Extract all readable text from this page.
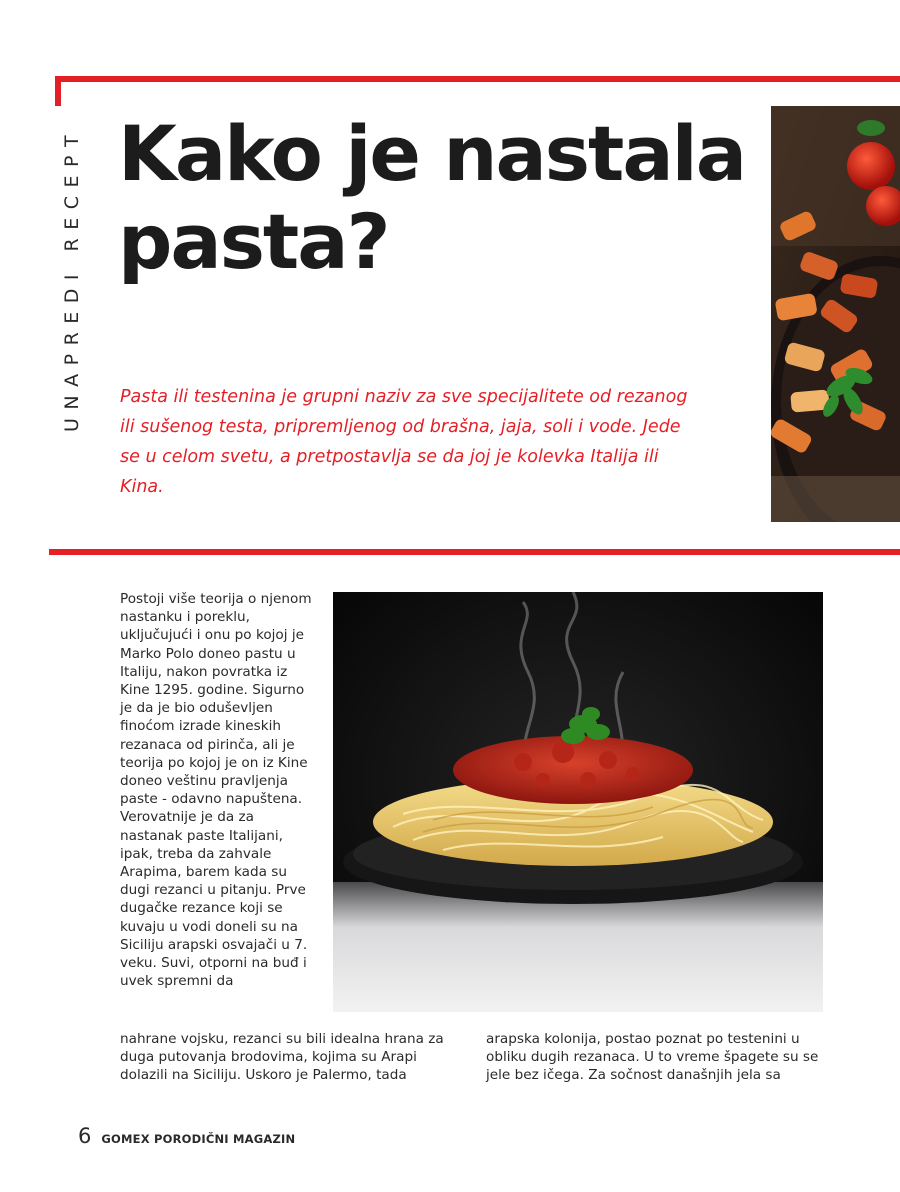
UNAPREDI RECEPT Kako je nastala pasta?

Pasta ili testenina je grupni naziv za sve specijalitete od rezanog ili sušenog testa, pripremljenog od brašna, jaja, soli i vode. Jede se u celom svetu, a pretpostavlja se da joj je kolevka Italija ili Kina.

Postoji više teorija o njenom nastanku i poreklu, uključujući i onu po kojoj je Marko Polo doneo pastu u Italiju, nakon povratka iz Kine 1295. godine. Sigurno je da je bio oduševljen finoćom izrade kineskih rezanaca od pirinča, ali je teorija po kojoj je on iz Kine doneo veštinu pravljenja paste - odavno napuštena. Verovatnije je da za nastanak paste Italijani, ipak, treba da zahvale Arapima, barem kada su dugi rezanci u pitanju. Prve dugačke rezance koji se kuvaju u vodi doneli su na Siciliju arapski osvajači u 7. veku. Suvi, otporni na buđ i uvek spremni da

nahrane vojsku, rezanci su bili idealna hrana za duga putovanja brodovima, kojima su Arapi dolazili na Siciliju. Uskoro je Palermo, tada

arapska kolonija, postao poznat po testenini u obliku dugih rezanaca. U to vreme špagete su se jele bez ičega. Za sočnost današnjih jela sa

6 GOMEX PORODIČNI MAGAZIN
